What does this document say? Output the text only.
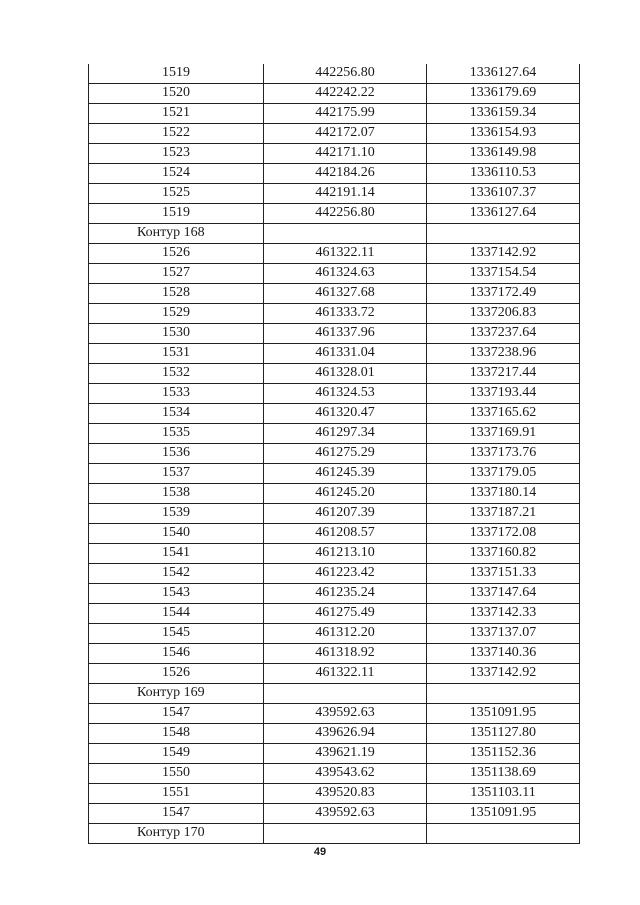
1519	442256.80	1336127.64
1520	442242.22	1336179.69
1521	442175.99	1336159.34
1522	442172.07	1336154.93
1523	442171.10	1336149.98
1524	442184.26	1336110.53
1525	442191.14	1336107.37
1519	442256.80	1336127.64
Контур 168		
1526	461322.11	1337142.92
1527	461324.63	1337154.54
1528	461327.68	1337172.49
1529	461333.72	1337206.83
1530	461337.96	1337237.64
1531	461331.04	1337238.96
1532	461328.01	1337217.44
1533	461324.53	1337193.44
1534	461320.47	1337165.62
1535	461297.34	1337169.91
1536	461275.29	1337173.76
1537	461245.39	1337179.05
1538	461245.20	1337180.14
1539	461207.39	1337187.21
1540	461208.57	1337172.08
1541	461213.10	1337160.82
1542	461223.42	1337151.33
1543	461235.24	1337147.64
1544	461275.49	1337142.33
1545	461312.20	1337137.07
1546	461318.92	1337140.36
1526	461322.11	1337142.92
Контур 169		
1547	439592.63	1351091.95
1548	439626.94	1351127.80
1549	439621.19	1351152.36
1550	439543.62	1351138.69
1551	439520.83	1351103.11
1547	439592.63	1351091.95
Контур 170		
49
